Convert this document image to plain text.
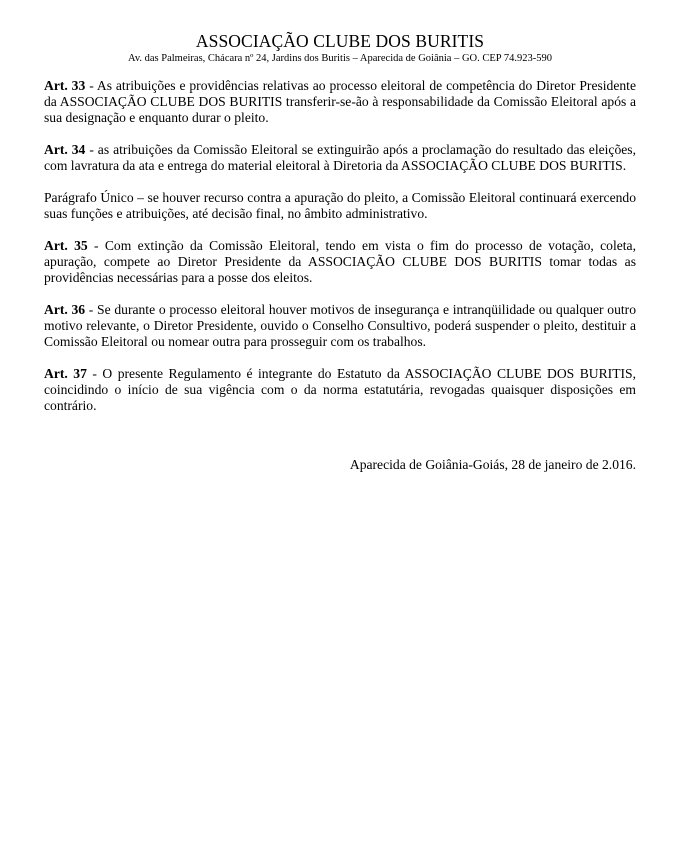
ASSOCIAÇÃO CLUBE DOS BURITIS
Av. das Palmeiras, Chácara nº 24, Jardins dos Buritis – Aparecida de Goiânia – GO. CEP 74.923-590

Art. 33 - As atribuições e providências relativas ao processo eleitoral de competência do Diretor Presidente da ASSOCIAÇÃO CLUBE DOS BURITIS transferir-se-ão à responsabilidade da Comissão Eleitoral após a sua designação e enquanto durar o pleito.

Art. 34 - as atribuições da Comissão Eleitoral se extinguirão após a proclamação do resultado das eleições, com lavratura da ata e entrega do material eleitoral à Diretoria da ASSOCIAÇÃO CLUBE DOS BURITIS.

Parágrafo Único – se houver recurso contra a apuração do pleito, a Comissão Eleitoral continuará exercendo suas funções e atribuições, até decisão final, no âmbito administrativo.

Art. 35 - Com extinção da Comissão Eleitoral, tendo em vista o fim do processo de votação, coleta, apuração, compete ao Diretor Presidente da ASSOCIAÇÃO CLUBE DOS BURITIS tomar todas as providências necessárias para a posse dos eleitos.

Art. 36 - Se durante o processo eleitoral houver motivos de insegurança e intranqüilidade ou qualquer outro motivo relevante, o Diretor Presidente, ouvido o Conselho Consultivo, poderá suspender o pleito, destituir a Comissão Eleitoral ou nomear outra para prosseguir com os trabalhos.

Art. 37 - O presente Regulamento é integrante do Estatuto da ASSOCIAÇÃO CLUBE DOS BURITIS, coincidindo o início de sua vigência com o da norma estatutária, revogadas quaisquer disposições em contrário.

Aparecida de Goiânia-Goiás, 28 de janeiro de 2.016.
